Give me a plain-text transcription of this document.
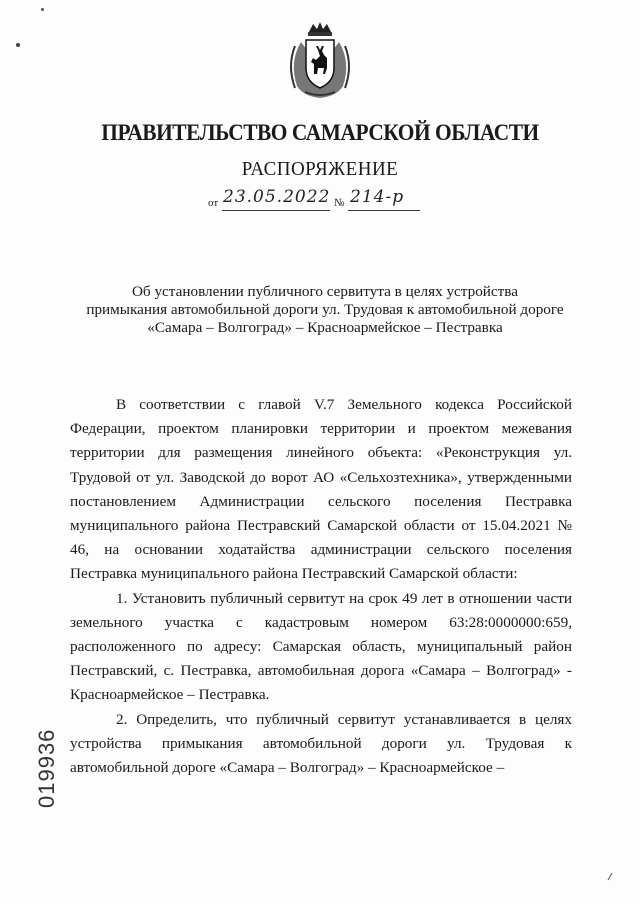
ПРАВИТЕЛЬСТВО САМАРСКОЙ ОБЛАСТИ
РАСПОРЯЖЕНИЕ
от 23.05.2022 № 214-р
Об установлении публичного сервитута в целях устройства
примыкания автомобильной дороги ул. Трудовая к автомобильной дороге
«Самара – Волгоград» – Красноармейское – Пестравка

В соответствии с главой V.7 Земельного кодекса Российской Федерации, проектом планировки территории и проектом межевания территории для размещения линейного объекта: «Реконструкция ул. Трудовой от ул. Заводской до ворот АО «Сельхозтехника», утвержденными постановлением Администрации сельского поселения Пестравка муниципального района Пестравский Самарской области от 15.04.2021 № 46, на основании ходатайства администрации сельского поселения Пестравка муниципального района Пестравский Самарской области:

1. Установить публичный сервитут на срок 49 лет в отношении части земельного участка с кадастровым номером 63:28:0000000:659, расположенного по адресу: Самарская область, муниципальный район Пестравский, с. Пестравка, автомобильная дорога «Самара – Волгоград» - Красноармейское – Пестравка.

2. Определить, что публичный сервитут устанавливается в целях устройства примыкания автомобильной дороги ул. Трудовая к автомобильной дороге «Самара – Волгоград» – Красноармейское –

019936
